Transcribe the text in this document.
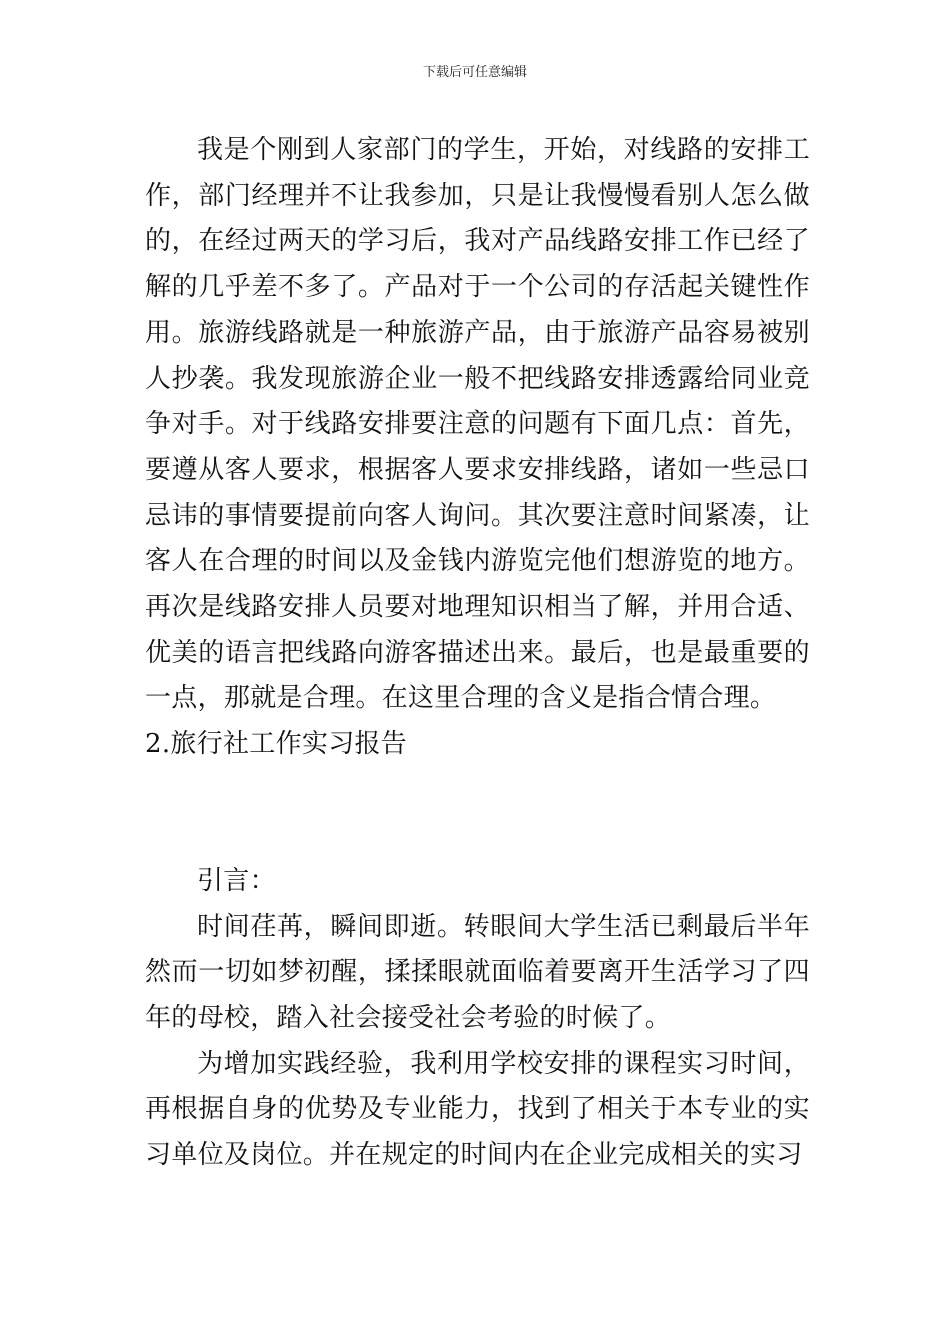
下载后可任意编辑

我是个刚到人家部门的学生，开始，对线路的安排工作，部门经理并不让我参加，只是让我慢慢看别人怎么做的，在经过两天的学习后，我对产品线路安排工作已经了解的几乎差不多了。产品对于一个公司的存活起关键性作用。旅游线路就是一种旅游产品，由于旅游产品容易被别人抄袭。我发现旅游企业一般不把线路安排透露给同业竞争对手。对于线路安排要注意的问题有下面几点：首先，要遵从客人要求，根据客人要求安排线路，诸如一些忌口忌讳的事情要提前向客人询问。其次要注意时间紧凑，让客人在合理的时间以及金钱内游览完他们想游览的地方。再次是线路安排人员要对地理知识相当了解，并用合适、优美的语言把线路向游客描述出来。最后，也是最重要的一点，那就是合理。在这里合理的含义是指合情合理。

2.旅行社工作实习报告

引言：

时间荏苒，瞬间即逝。转眼间大学生活已剩最后半年然而一切如梦初醒，揉揉眼就面临着要离开生活学习了四年的母校，踏入社会接受社会考验的时候了。

为增加实践经验，我利用学校安排的课程实习时间，再根据自身的优势及专业能力，找到了相关于本专业的实习单位及岗位。并在规定的时间内在企业完成相关的实习
